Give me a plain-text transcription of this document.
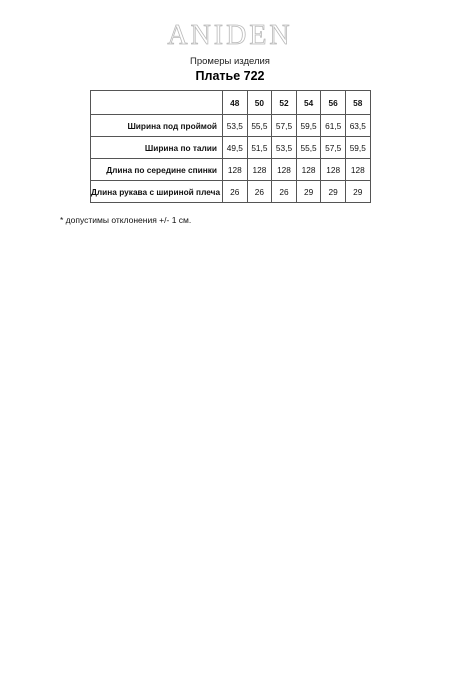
ANIDEN
Промеры изделия
Платье 722
	48	50	52	54	56	58
Ширина под проймой	53,5	55,5	57,5	59,5	61,5	63,5
Ширина по талии	49,5	51,5	53,5	55,5	57,5	59,5
Длина по середине спинки	128	128	128	128	128	128
Длина рукава с шириной плеча	26	26	26	29	29	29
* допустимы отклонения +/- 1 см.
